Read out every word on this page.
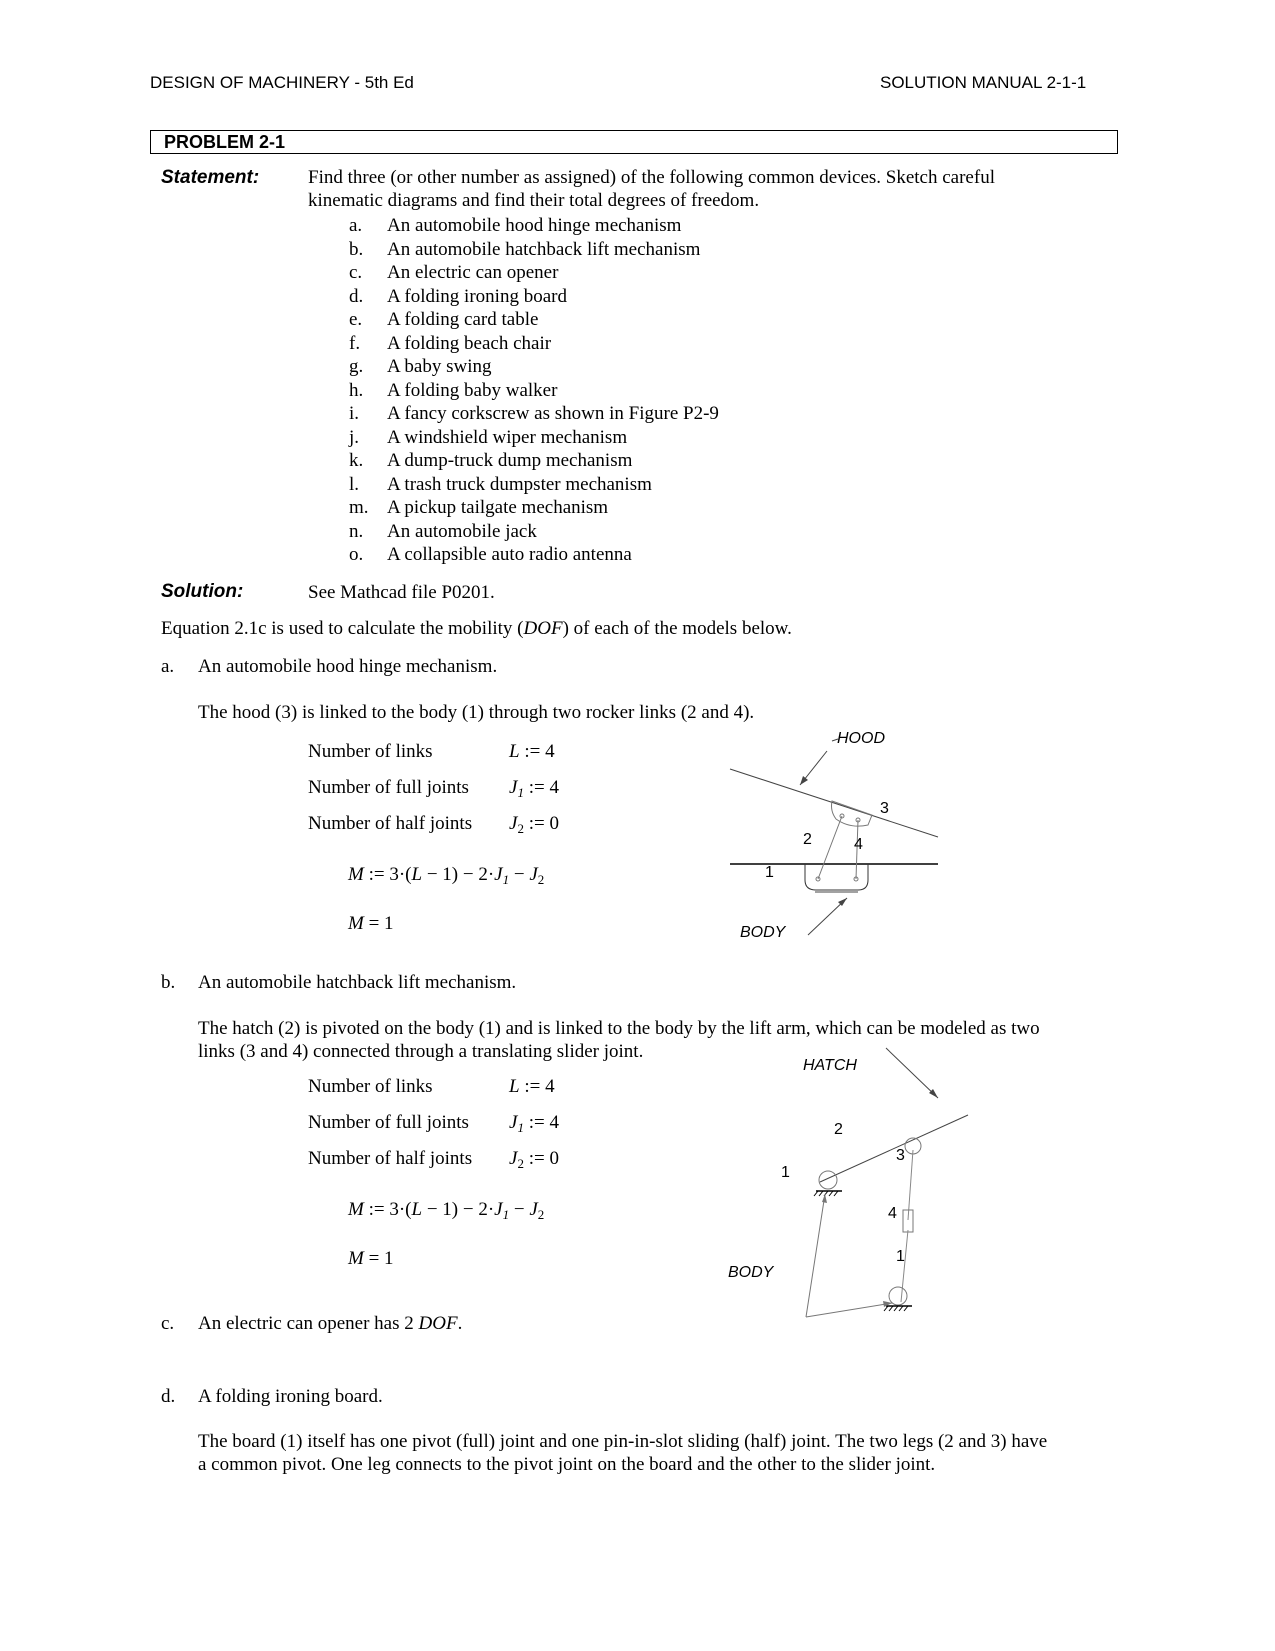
DESIGN OF MACHINERY - 5th Ed	SOLUTION MANUAL 2-1-1
PROBLEM 2-1
Statement:	Find three (or other number as assigned) of the following common devices. Sketch careful
kinematic diagrams and find their total degrees of freedom.
a. An automobile hood hinge mechanism
b. An automobile hatchback lift mechanism
c. An electric can opener
d. A folding ironing board
e. A folding card table
f. A folding beach chair
g. A baby swing
h. A folding baby walker
i. A fancy corkscrew as shown in Figure P2-9
j. A windshield wiper mechanism
k. A dump-truck dump mechanism
l. A trash truck dumpster mechanism
m. A pickup tailgate mechanism
n. An automobile jack
o. A collapsible auto radio antenna
Solution:	See Mathcad file P0201.
Equation 2.1c is used to calculate the mobility (DOF) of each of the models below.
a. An automobile hood hinge mechanism.
The hood (3) is linked to the body (1) through two rocker links (2 and 4).
Number of links	L := 4
Number of full joints $J_1$ := 4
Number of half joints $J_2$ := 0
M := $3\cdot(L - 1) - 2\cdot J_1 - J_2$
M = 1
HOOD
BODY
1
2
3
4
b. An automobile hatchback lift mechanism.
The hatch (2) is pivoted on the body (1) and is linked to the body by the lift arm, which can be modeled as two
links (3 and 4) connected through a translating slider joint.
Number of links	L := 4
Number of full joints $J_1$ := 4
Number of half joints $J_2$ := 0
M := $3\cdot(L - 1) - 2\cdot J_1 - J_2$
M = 1
HATCH
BODY
1
1
2
3
4
c. An electric can opener has 2 DOF.
d. A folding ironing board.
The board (1) itself has one pivot (full) joint and one pin-in-slot sliding (half) joint. The two legs (2 and 3) have
a common pivot. One leg connects to the pivot joint on the board and the other to the slider joint.
